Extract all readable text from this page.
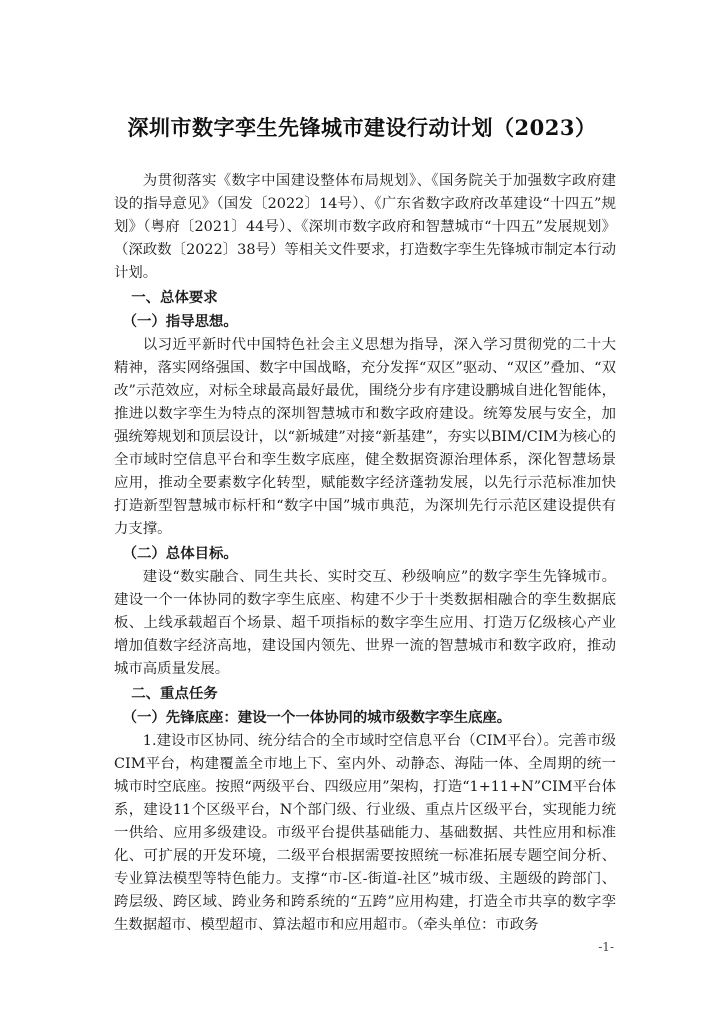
深圳市数字孪生先锋城市建设行动计划（2023）

为贯彻落实《数字中国建设整体布局规划》、《国务院关于加强数字政府建设的指导意见》（国发〔2022〕14号）、《广东省数字政府改革建设“十四五”规划》（粤府〔2021〕44号）、《深圳市数字政府和智慧城市“十四五”发展规划》（深政数〔2022〕38号）等相关文件要求，打造数字孪生先锋城市制定本行动计划。

一、总体要求
（一）指导思想。

以习近平新时代中国特色社会主义思想为指导，深入学习贯彻党的二十大精神，落实网络强国、数字中国战略，充分发挥“双区”驱动、“双区”叠加、“双改”示范效应，对标全球最高最好最优，围绕分步有序建设鹏城自进化智能体，推进以数字孪生为特点的深圳智慧城市和数字政府建设。统筹发展与安全，加强统筹规划和顶层设计，以“新城建”对接“新基建”，夯实以BIM/CIM为核心的全市域时空信息平台和孪生数字底座，健全数据资源治理体系，深化智慧场景应用，推动全要素数字化转型，赋能数字经济蓬勃发展，以先行示范标准加快打造新型智慧城市标杆和“数字中国”城市典范，为深圳先行示范区建设提供有力支撑。

（二）总体目标。

建设“数实融合、同生共长、实时交互、秒级响应”的数字孪生先锋城市。建设一个一体协同的数字孪生底座、构建不少于十类数据相融合的孪生数据底板、上线承载超百个场景、超千项指标的数字孪生应用、打造万亿级核心产业增加值数字经济高地，建设国内领先、世界一流的智慧城市和数字政府，推动城市高质量发展。

二、重点任务
（一）先锋底座：建设一个一体协同的城市级数字孪生底座。

1.建设市区协同、统分结合的全市域时空信息平台（CIM平台）。完善市级CIM平台，构建覆盖全市地上下、室内外、动静态、海陆一体、全周期的统一城市时空底座。按照“两级平台、四级应用”架构，打造“1+11+N”CIM平台体系，建设11个区级平台，N个部门级、行业级、重点片区级平台，实现能力统一供给、应用多级建设。市级平台提供基础能力、基础数据、共性应用和标准化、可扩展的开发环境，二级平台根据需要按照统一标准拓展专题空间分析、专业算法模型等特色能力。支撑“市-区-街道-社区”城市级、主题级的跨部门、跨层级、跨区域、跨业务和跨系统的“五跨”应用构建，打造全市共享的数字孪生数据超市、模型超市、算法超市和应用超市。（牵头单位：市政务

-1-
